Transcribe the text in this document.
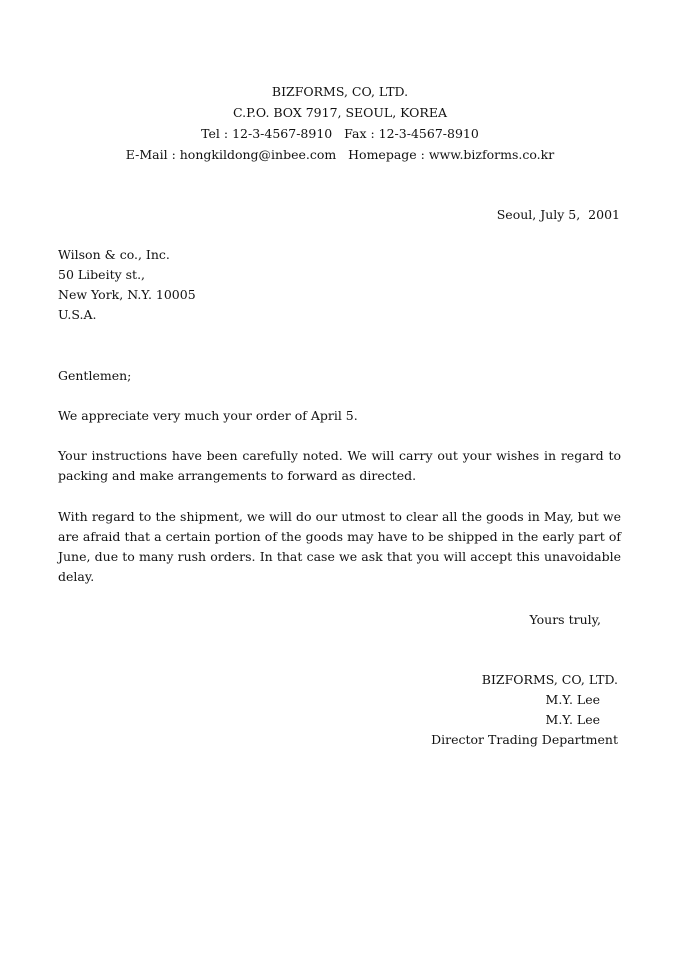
BIZFORMS, CO, LTD.
C.P.O. BOX 7917, SEOUL, KOREA
Tel : 12-3-4567-8910   Fax : 12-3-4567-8910
E-Mail : hongkildong@inbee.com   Homepage : www.bizforms.co.kr
Seoul, July 5,  2001
Wilson & co., Inc.
50 Libeity st.,
New York, N.Y. 10005
U.S.A.
Gentlemen;
We appreciate very much your order of April 5.
Your instructions have been carefully noted. We will carry out your wishes in regard to packing and make arrangements to forward as directed.
With regard to the shipment, we will do our utmost to clear all the goods in May, but we are afraid that a certain portion of the goods may have to be shipped in the early part of June, due to many rush orders. In that case we ask that you will accept this unavoidable delay.
Yours truly,
BIZFORMS, CO, LTD.
M.Y. Lee
M.Y. Lee
Director Trading Department
